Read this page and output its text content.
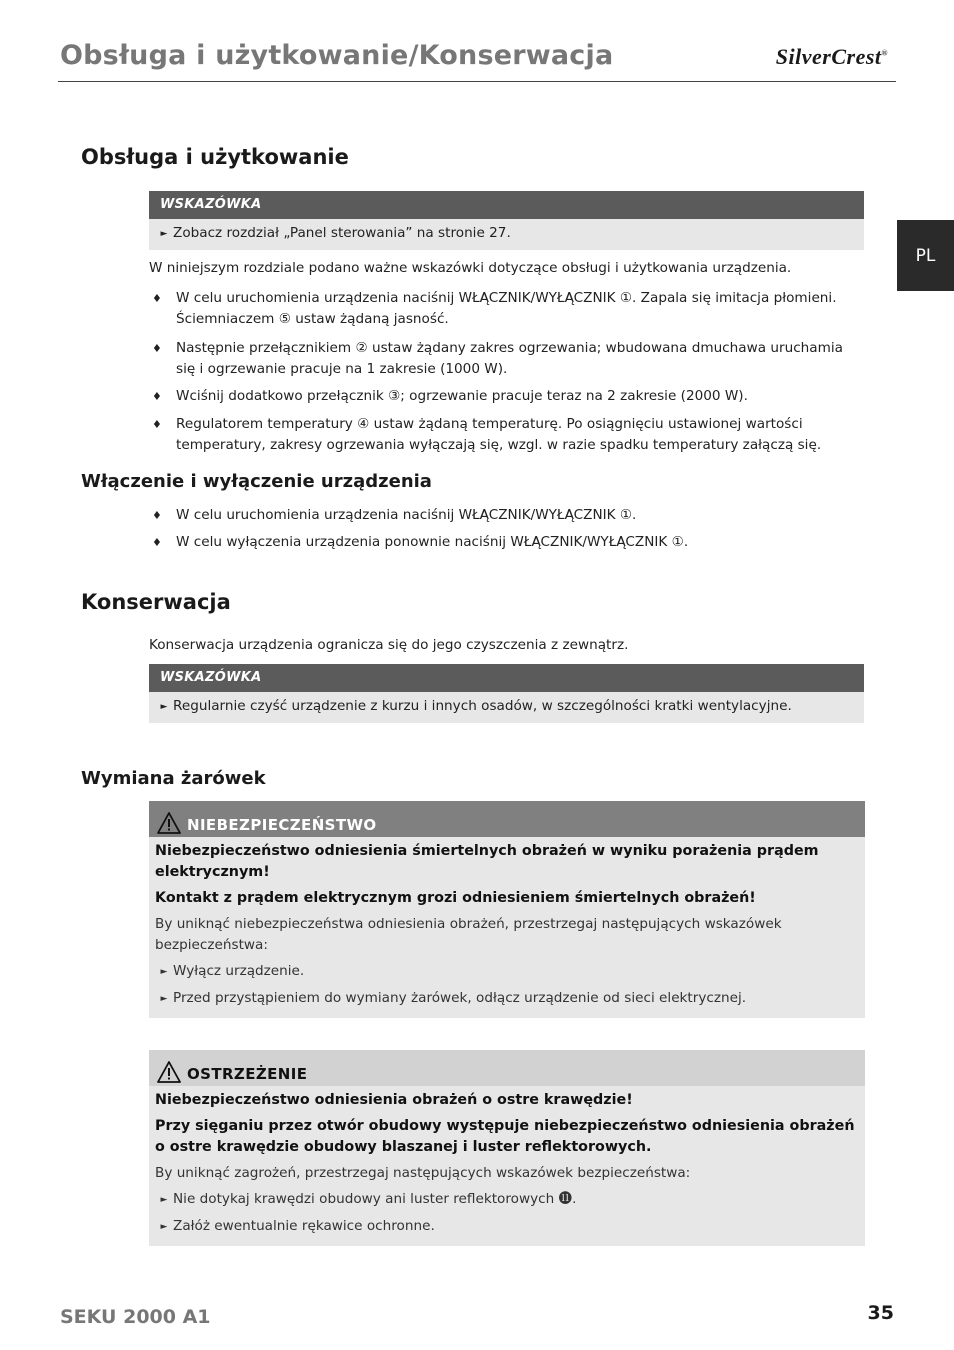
Obsługa i użytkowanie/Konserwacja	SilverCrest®
PL
Obsługa i użytkowanie
WSKAZÓWKA
► Zobacz rozdział „Panel sterowania” na stronie 27.
W niniejszym rozdziale podano ważne wskazówki dotyczące obsługi i użytkowania urządzenia.
♦ W celu uruchomienia urządzenia naciśnij WŁĄCZNIK/WYŁĄCZNIK ①. Zapala się imitacja płomieni. Ściemniaczem ⑤ ustaw żądaną jasność.
♦ Następnie przełącznikiem ② ustaw żądany zakres ogrzewania; wbudowana dmuchawa uruchamia się i ogrzewanie pracuje na 1 zakresie (1000 W).
♦ Wciśnij dodatkowo przełącznik ③; ogrzewanie pracuje teraz na 2 zakresie (2000 W).
♦ Regulatorem temperatury ④ ustaw żądaną temperaturę. Po osiągnięciu ustawionej wartości temperatury, zakresy ogrzewania wyłączają się, wzgl. w razie spadku temperatury załączą się.
Włączenie i wyłączenie urządzenia
♦ W celu uruchomienia urządzenia naciśnij WŁĄCZNIK/WYŁĄCZNIK ①.
♦ W celu wyłączenia urządzenia ponownie naciśnij WŁĄCZNIK/WYŁĄCZNIK ①.
Konserwacja
Konserwacja urządzenia ogranicza się do jego czyszczenia z zewnątrz.
WSKAZÓWKA
► Regularnie czyść urządzenie z kurzu i innych osadów, w szczególności kratki wentylacyjne.
Wymiana żarówek
NIEBEZPIECZEŃSTWO
Niebezpieczeństwo odniesienia śmiertelnych obrażeń w wyniku porażenia prądem elektrycznym!
Kontakt z prądem elektrycznym grozi odniesieniem śmiertelnych obrażeń!
By uniknąć niebezpieczeństwa odniesienia obrażeń, przestrzegaj następujących wskazówek bezpieczeństwa:
► Wyłącz urządzenie.
► Przed przystąpieniem do wymiany żarówek, odłącz urządzenie od sieci elektrycznej.
OSTRZEŻENIE
Niebezpieczeństwo odniesienia obrażeń o ostre krawędzie!
Przy sięganiu przez otwór obudowy występuje niebezpieczeństwo odniesienia obrażeń o ostre krawędzie obudowy blaszanej i luster reflektorowych.
By uniknąć zagrożeń, przestrzegaj następujących wskazówek bezpieczeństwa:
► Nie dotykaj krawędzi obudowy ani luster reflektorowych ⓫.
► Załóż ewentualnie rękawice ochronne.
SEKU 2000 A1	35
